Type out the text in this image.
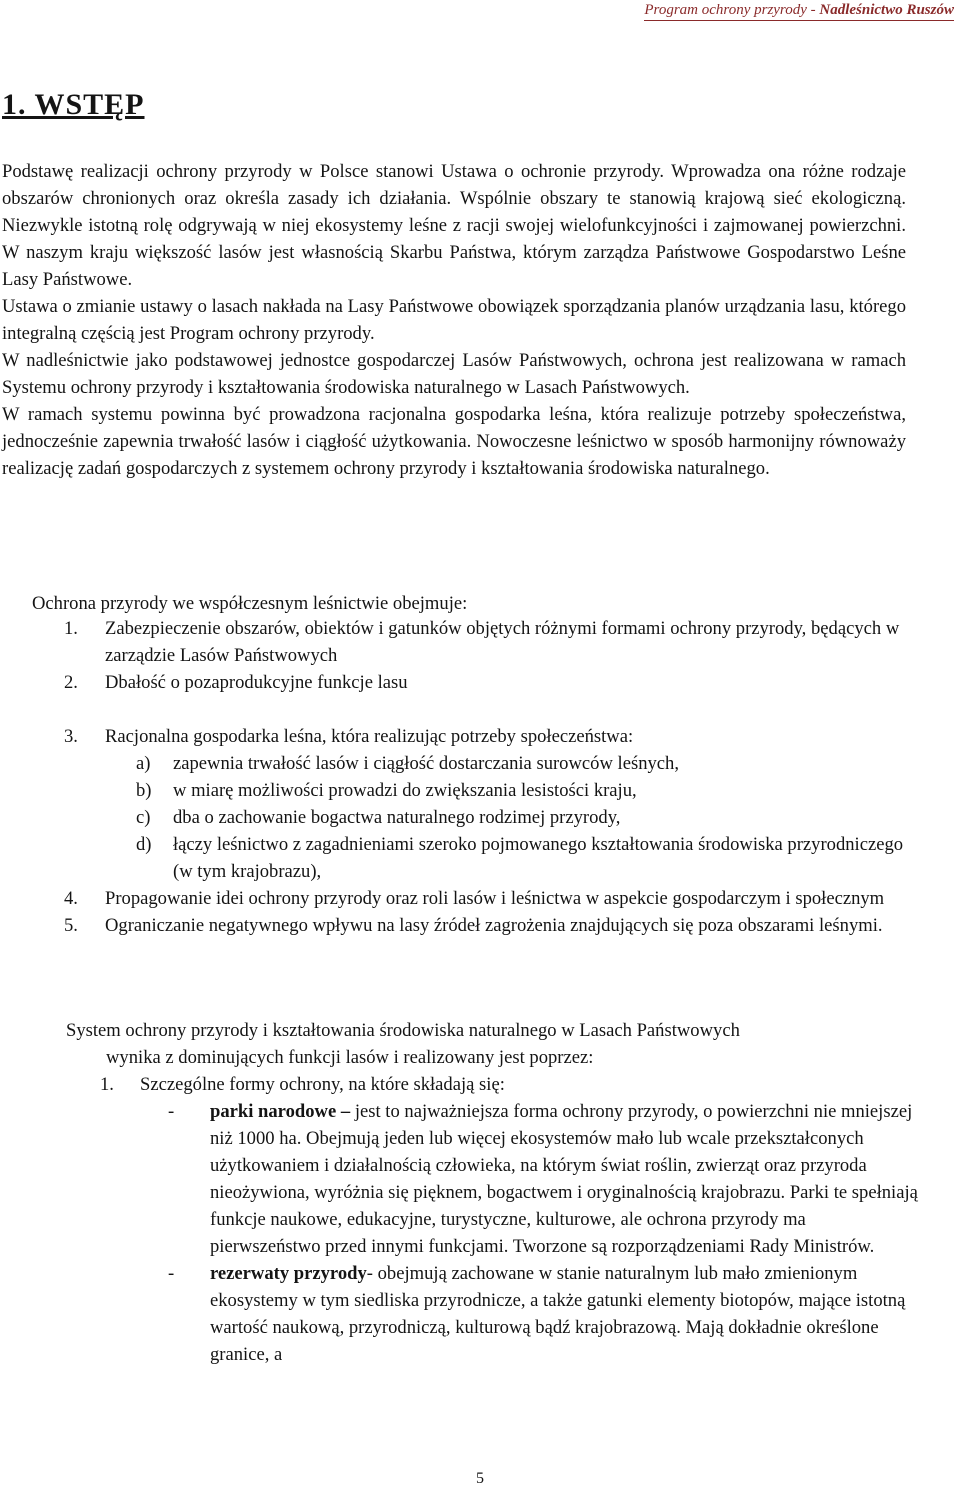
Program ochrony przyrody - Nadleśnictwo Ruszów
1. WSTĘP

Podstawę realizacji ochrony przyrody w Polsce stanowi Ustawa o ochronie przyrody. Wprowadza ona różne rodzaje obszarów chronionych oraz określa zasady ich działania. Wspólnie obszary te stanowią krajową sieć ekologiczną. Niezwykle istotną rolę odgrywają w niej ekosystemy leśne z racji swojej wielofunkcyjności i zajmowanej powierzchni. W naszym kraju większość lasów jest własnością Skarbu Państwa, którym zarządza Państwowe Gospodarstwo Leśne Lasy Państwowe.

Ustawa o zmianie ustawy o lasach nakłada na Lasy Państwowe obowiązek sporządzania planów urządzania lasu, którego integralną częścią jest Program ochrony przyrody.

W nadleśnictwie jako podstawowej jednostce gospodarczej Lasów Państwowych, ochrona jest realizowana w ramach Systemu ochrony przyrody i kształtowania środowiska naturalnego w Lasach Państwowych.

W ramach systemu powinna być prowadzona racjonalna gospodarka leśna, która realizuje potrzeby społeczeństwa, jednocześnie zapewnia trwałość lasów i ciągłość użytkowania. Nowoczesne leśnictwo w sposób harmonijny równoważy realizację zadań gospodarczych z systemem ochrony przyrody i kształtowania środowiska naturalnego.

Ochrona przyrody we współczesnym leśnictwie obejmuje:

1. Zabezpieczenie obszarów, obiektów i gatunków objętych różnymi formami ochrony przyrody, będących w zarządzie Lasów Państwowych
2. Dbałość o pozaprodukcyjne funkcje lasu
3. Racjonalna gospodarka leśna, która realizując potrzeby społeczeństwa:
a) zapewnia trwałość lasów i ciągłość dostarczania surowców leśnych,
b) w miarę możliwości prowadzi do zwiększania lesistości kraju,
c) dba o zachowanie bogactwa naturalnego rodzimej przyrody,
d) łączy leśnictwo z zagadnieniami szeroko pojmowanego kształtowania środowiska przyrodniczego (w tym krajobrazu),
4. Propagowanie idei ochrony przyrody oraz roli lasów i leśnictwa w aspekcie gospodarczym i społecznym
5. Ograniczanie negatywnego wpływu na lasy źródeł zagrożenia znajdujących się poza obszarami leśnymi.

System ochrony przyrody i kształtowania środowiska naturalnego w Lasach Państwowych
wynika z dominujących funkcji lasów i realizowany jest poprzez:

1. Szczególne formy ochrony, na które składają się:
- parki narodowe – jest to najważniejsza forma ochrony przyrody, o powierzchni nie mniejszej niż 1000 ha. Obejmują jeden lub więcej ekosystemów mało lub wcale przekształconych użytkowaniem i działalnością człowieka, na którym świat roślin, zwierząt oraz przyroda nieożywiona, wyróżnia się pięknem, bogactwem i oryginalnością krajobrazu. Parki te spełniają funkcje naukowe, edukacyjne, turystyczne, kulturowe, ale ochrona przyrody ma pierwszeństwo przed innymi funkcjami. Tworzone są rozporządzeniami Rady Ministrów.
- rezerwaty przyrody- obejmują zachowane w stanie naturalnym lub mało zmienionym ekosystemy w tym siedliska przyrodnicze, a także gatunki elementy biotopów, mające istotną wartość naukową, przyrodniczą, kulturową bądź krajobrazową. Mają dokładnie określone granice, a
5
